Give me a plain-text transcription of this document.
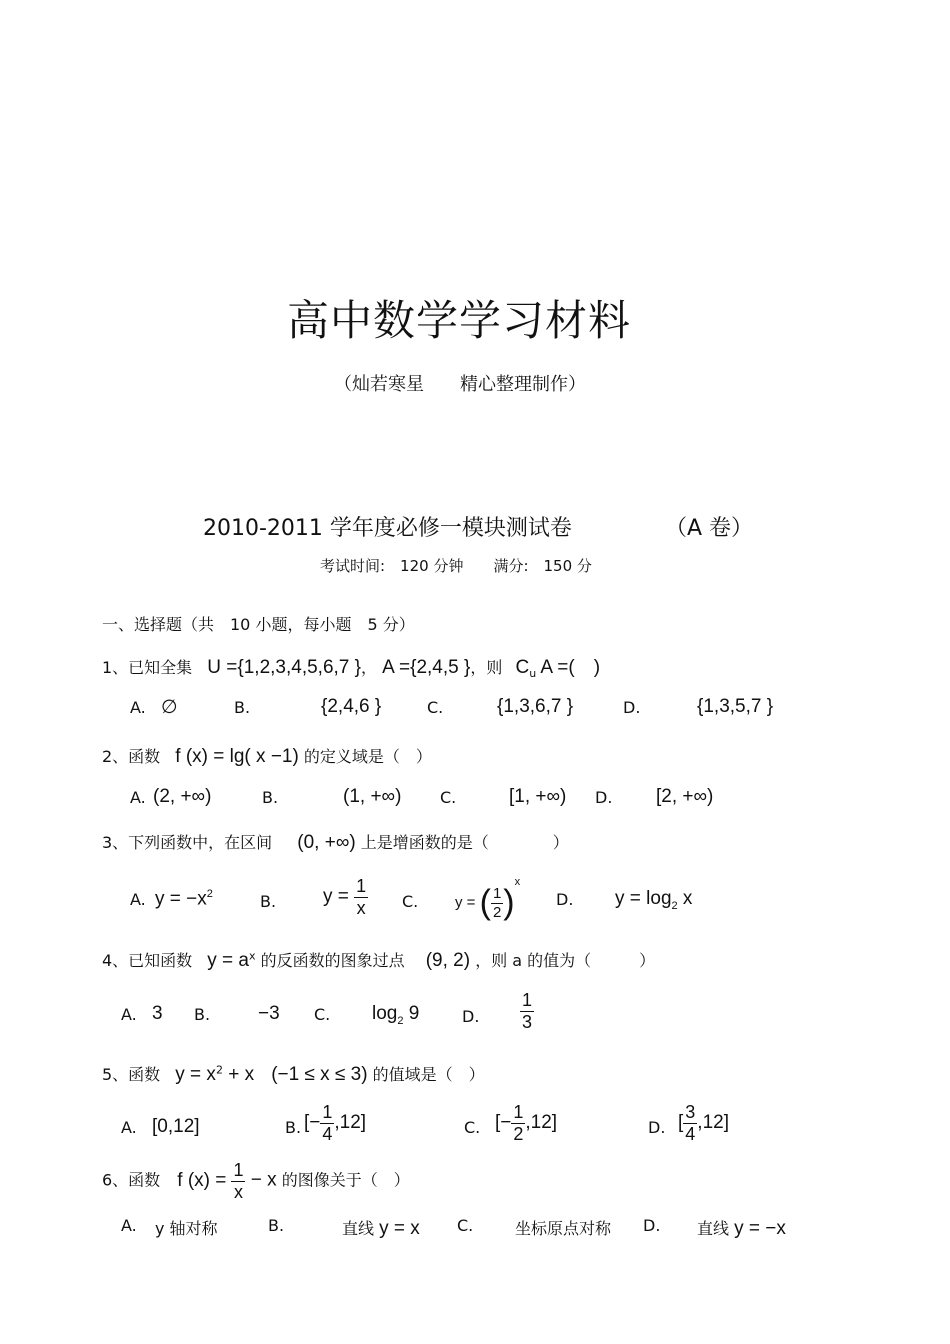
高中数学学习材料
（灿若寒星　　精心整理制作）
2010-2011 学年度必修一模块测试卷	（A 卷）
考试时间:　120 分钟　　满分:　150 分
一、选择题（共　10 小题，每小题　5 分）
1、已知全集 U ={1,2,3,4,5,6,7 }， A ={2,4,5 }，则 $C_u$ A =(　)
A. ∅	B.	{2,4,6 }	C.	{1,3,6,7 }	D.	{1,3,5,7 }
2、函数 f (x) = lg( x −1) 的定义域是（　）
A. (2, +∞)	B.	(1, +∞) C.	[1, +∞) D. [2, +∞)
3、下列函数中，在区间 (0, +∞) 上是增函数的是（　　　　）
A. $y = -x^2$	B. $y = \frac{1}{x} C$. y = ( $\frac{1}{2} )^x$
D. $y = \log_2 x$
4、已知函数 $y = a^x$ 的反函数的图象过点 (9, 2) ，则 a 的值为（　　　）
A. 3 B.	−3 C. $\log_2 9$	D. $\frac{1}{3}$
5、函数 $y = x^2 + x$ (−1 ≤ x ≤ 3) 的值域是（　）
A. [0,12]	B. [− $\frac{1}{4} ,12$]	C. [− $\frac{1}{2} ,12$]	D. [ $\frac{3}{4} ,12$]
6、函数 f $(x) = \frac{1}{x} - x$ 的图像关于（　）
A. y 轴对称	B.	直线 y = x C.	坐标原点对称 D. 直线 y = −x
